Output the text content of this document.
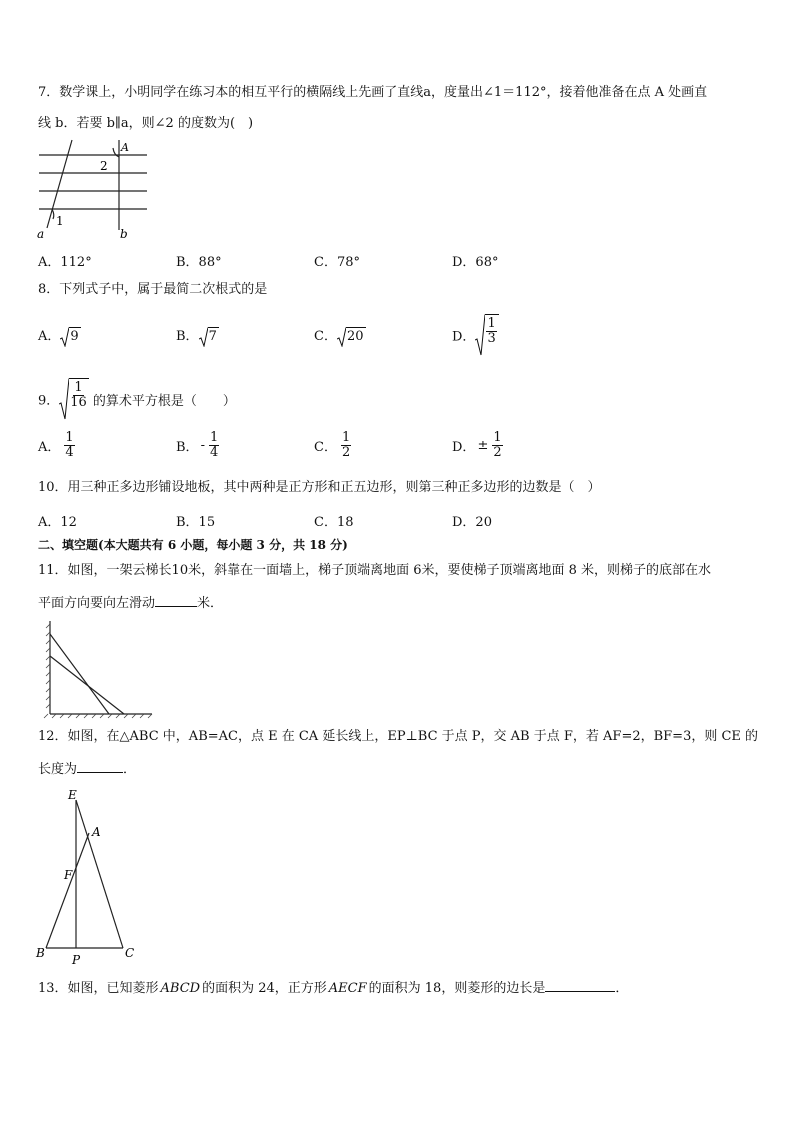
7．数学课上，小明同学在练习本的相互平行的横隔线上先画了直线a，度量出∠1＝112°，接着他准备在点 A 处画直
线 b．若要 b∥a，则∠2 的度数为(　)
a	b
A
2
1
A．112°	B．88°	C．78°	D．68°
8．下列式子中，属于最简二次根式的是
A． 9	B． 7	C． 20	D． $\frac{1}{3}$
9． $\frac{1}{16}$ 的算术平方根是（　　）
A． $\frac{1}{4}$	B． - $\frac{1}{4}$	C． $\frac{1}{2}$	D． ± $\frac{1}{2}$
10．用三种正多边形铺设地板，其中两种是正方形和正五边形，则第三种正多边形的边数是（　）
A．12	B．15	C．18	D．20
二、填空题(本大题共有 6 小题，每小题 3 分，共 18 分)
11．如图，一架云梯长10米，斜靠在一面墙上，梯子顶端离地面 6米，要使梯子顶端离地面 8 米，则梯子的底部在水
平面方向要向左滑动	米．
12．如图，在△ABC 中，AB=AC，点 E 在 CA 延长线上，EP⊥BC 于点 P，交 AB 于点 F，若 AF=2，BF=3，则 CE 的
长度为	．
E
A
F
B P	C
13．如图，已知菱形 ABCD 的面积为 24，正方形 AECF 的面积为 18，则菱形的边长是	．
